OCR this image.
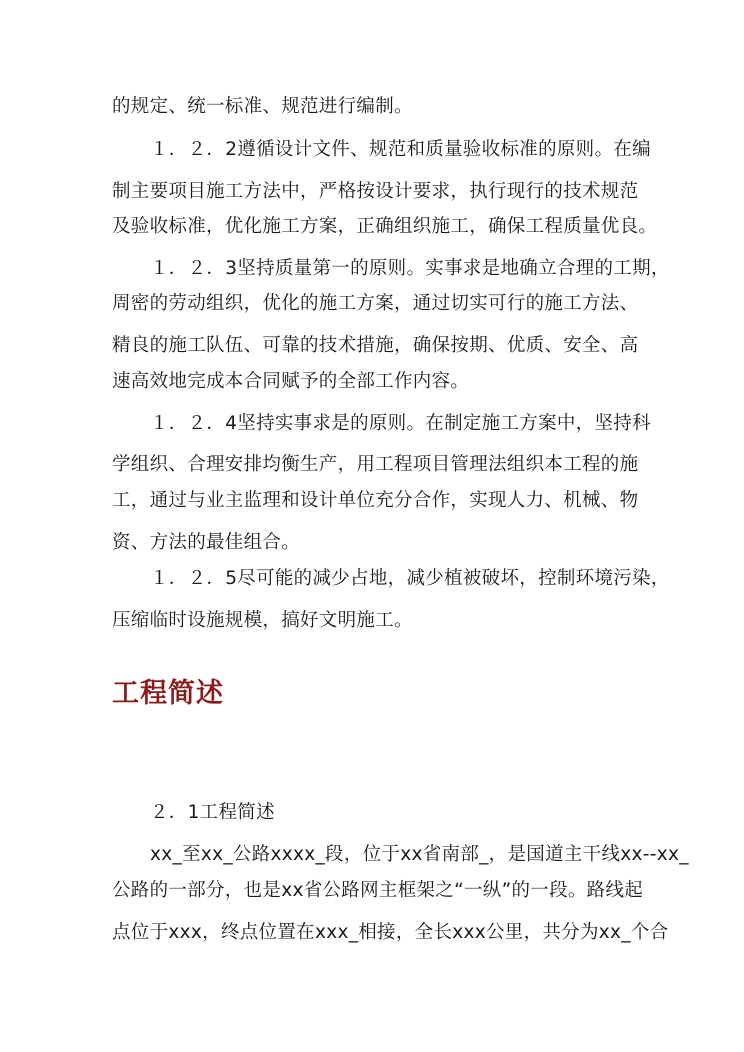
的规定、统一标准、规范进行编制。
１．２．2遵循设计文件、规范和质量验收标准的原则。在编
制主要项目施工方法中，严格按设计要求，执行现行的技术规范
及验收标准，优化施工方案，正确组织施工，确保工程质量优良。
１．２．3坚持质量第一的原则。实事求是地确立合理的工期，
周密的劳动组织，优化的施工方案，通过切实可行的施工方法、
精良的施工队伍、可靠的技术措施，确保按期、优质、安全、高
速高效地完成本合同赋予的全部工作内容。
１．２．4坚持实事求是的原则。在制定施工方案中，坚持科
学组织、合理安排均衡生产，用工程项目管理法组织本工程的施
工，通过与业主监理和设计单位充分合作，实现人力、机械、物
资、方法的最佳组合。
１．２．5尽可能的减少占地，减少植被破坏，控制环境污染，
压缩临时设施规模，搞好文明施工。
工程简述
２．1工程简述
xx_至xx_公路xxxx_段，位于xx省南部_，是国道主干线xx--xx_
公路的一部分，也是xx省公路网主框架之“一纵”的一段。路线起
点位于xxx，终点位置在xxx_相接，全长xxx公里，共分为xx_个合
